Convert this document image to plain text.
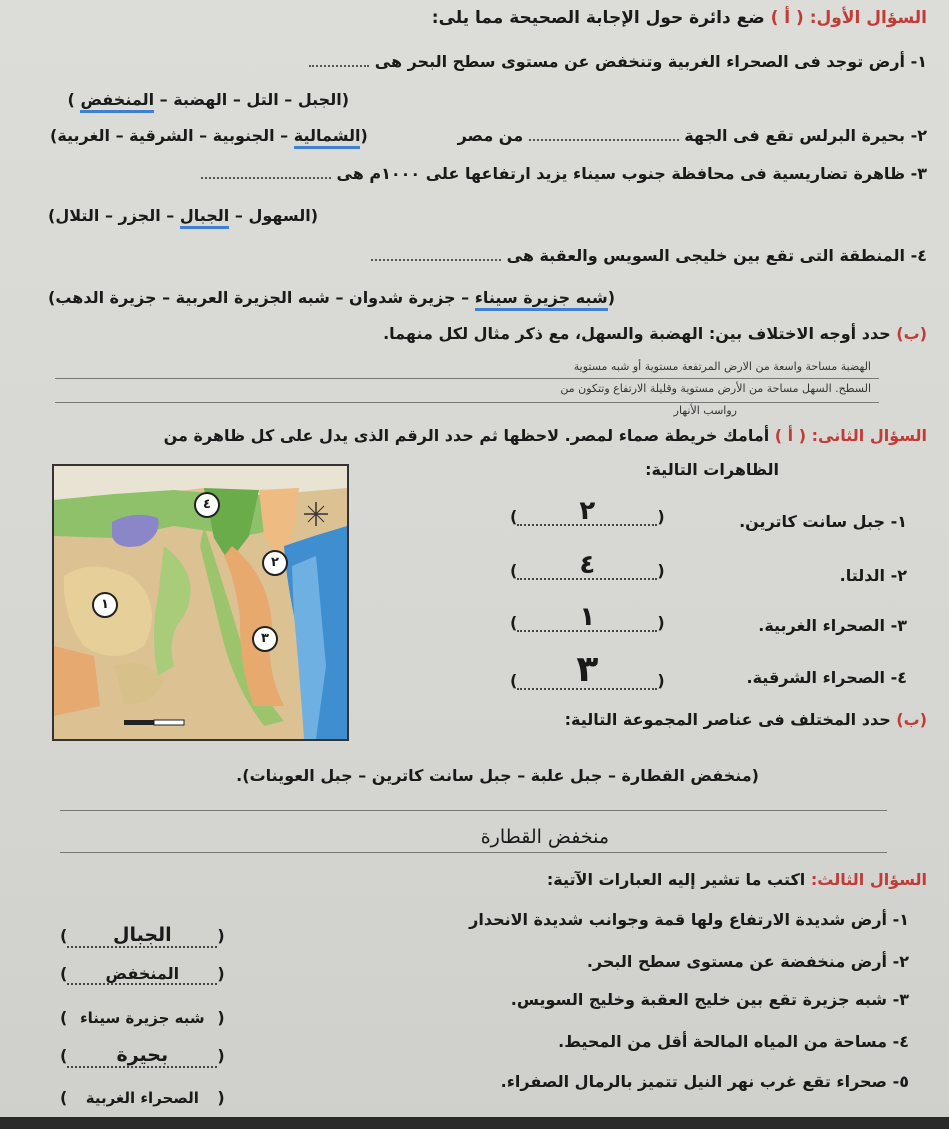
السؤال الأول: ( أ ) ضع دائرة حول الإجابة الصحيحة مما يلى:
١- أرض توجد فى الصحراء الغربية وتنخفض عن مستوى سطح البحر هى
(الجبل – التل – الهضبة – المنخفض )
٢- بحيرة البرلس تقع فى الجهة  من مصر
(الشمالية – الجنوبية – الشرقية – الغربية)
٣- ظاهرة تضاريسية فى محافظة جنوب سيناء يزيد ارتفاعها على ١٠٠٠م هى
(السهول – الجبال – الجزر – التلال)
٤- المنطقة التى تقع بين خليجى السويس والعقبة هى
(شبه جزيرة سيناء – جزيرة شدوان – شبه الجزيرة العربية – جزيرة الدهب)
(ب) حدد أوجه الاختلاف بين: الهضبة والسهل، مع ذكر مثال لكل منهما.
الهضبة مساحة واسعة من الارض المرتفعة مستوية أو شبه مستوية
السطح. السهل مساحة من الأرض مستوية وقليلة الارتفاع وتتكون من
رواسب الأنهار
السؤال الثانى: ( أ ) أمامك خريطة صماء لمصر. لاحظها ثم حدد الرقم الذى يدل على كل ظاهرة من
الظاهرات التالية:
٤
٢
١
٣
١- جبل سانت كاترين.
(
٢
)
٢- الدلتا.
(
٤
)
٣- الصحراء الغربية.
(
١
)
٤- الصحراء الشرقية.
(
٣
)
(ب) حدد المختلف فى عناصر المجموعة التالية:
(منخفض القطارة – جبل علبة – جبل سانت كاترين – جبل العوينات).
منخفض القطارة
السؤال الثالث: اكتب ما تشير إليه العبارات الآتية:
١- أرض شديدة الارتفاع ولها قمة وجوانب شديدة الانحدار
(الجبال)
٢- أرض منخفضة عن مستوى سطح البحر.
(المنخفض)
٣- شبه جزيرة تقع بين خليج العقبة وخليج السويس.
(شبه جزيرة سيناء)
٤- مساحة من المياه المالحة أقل من المحيط.
(بحيرة)
٥- صحراء تقع غرب نهر النيل تتميز بالرمال الصفراء.
(الصحراء الغربية)
